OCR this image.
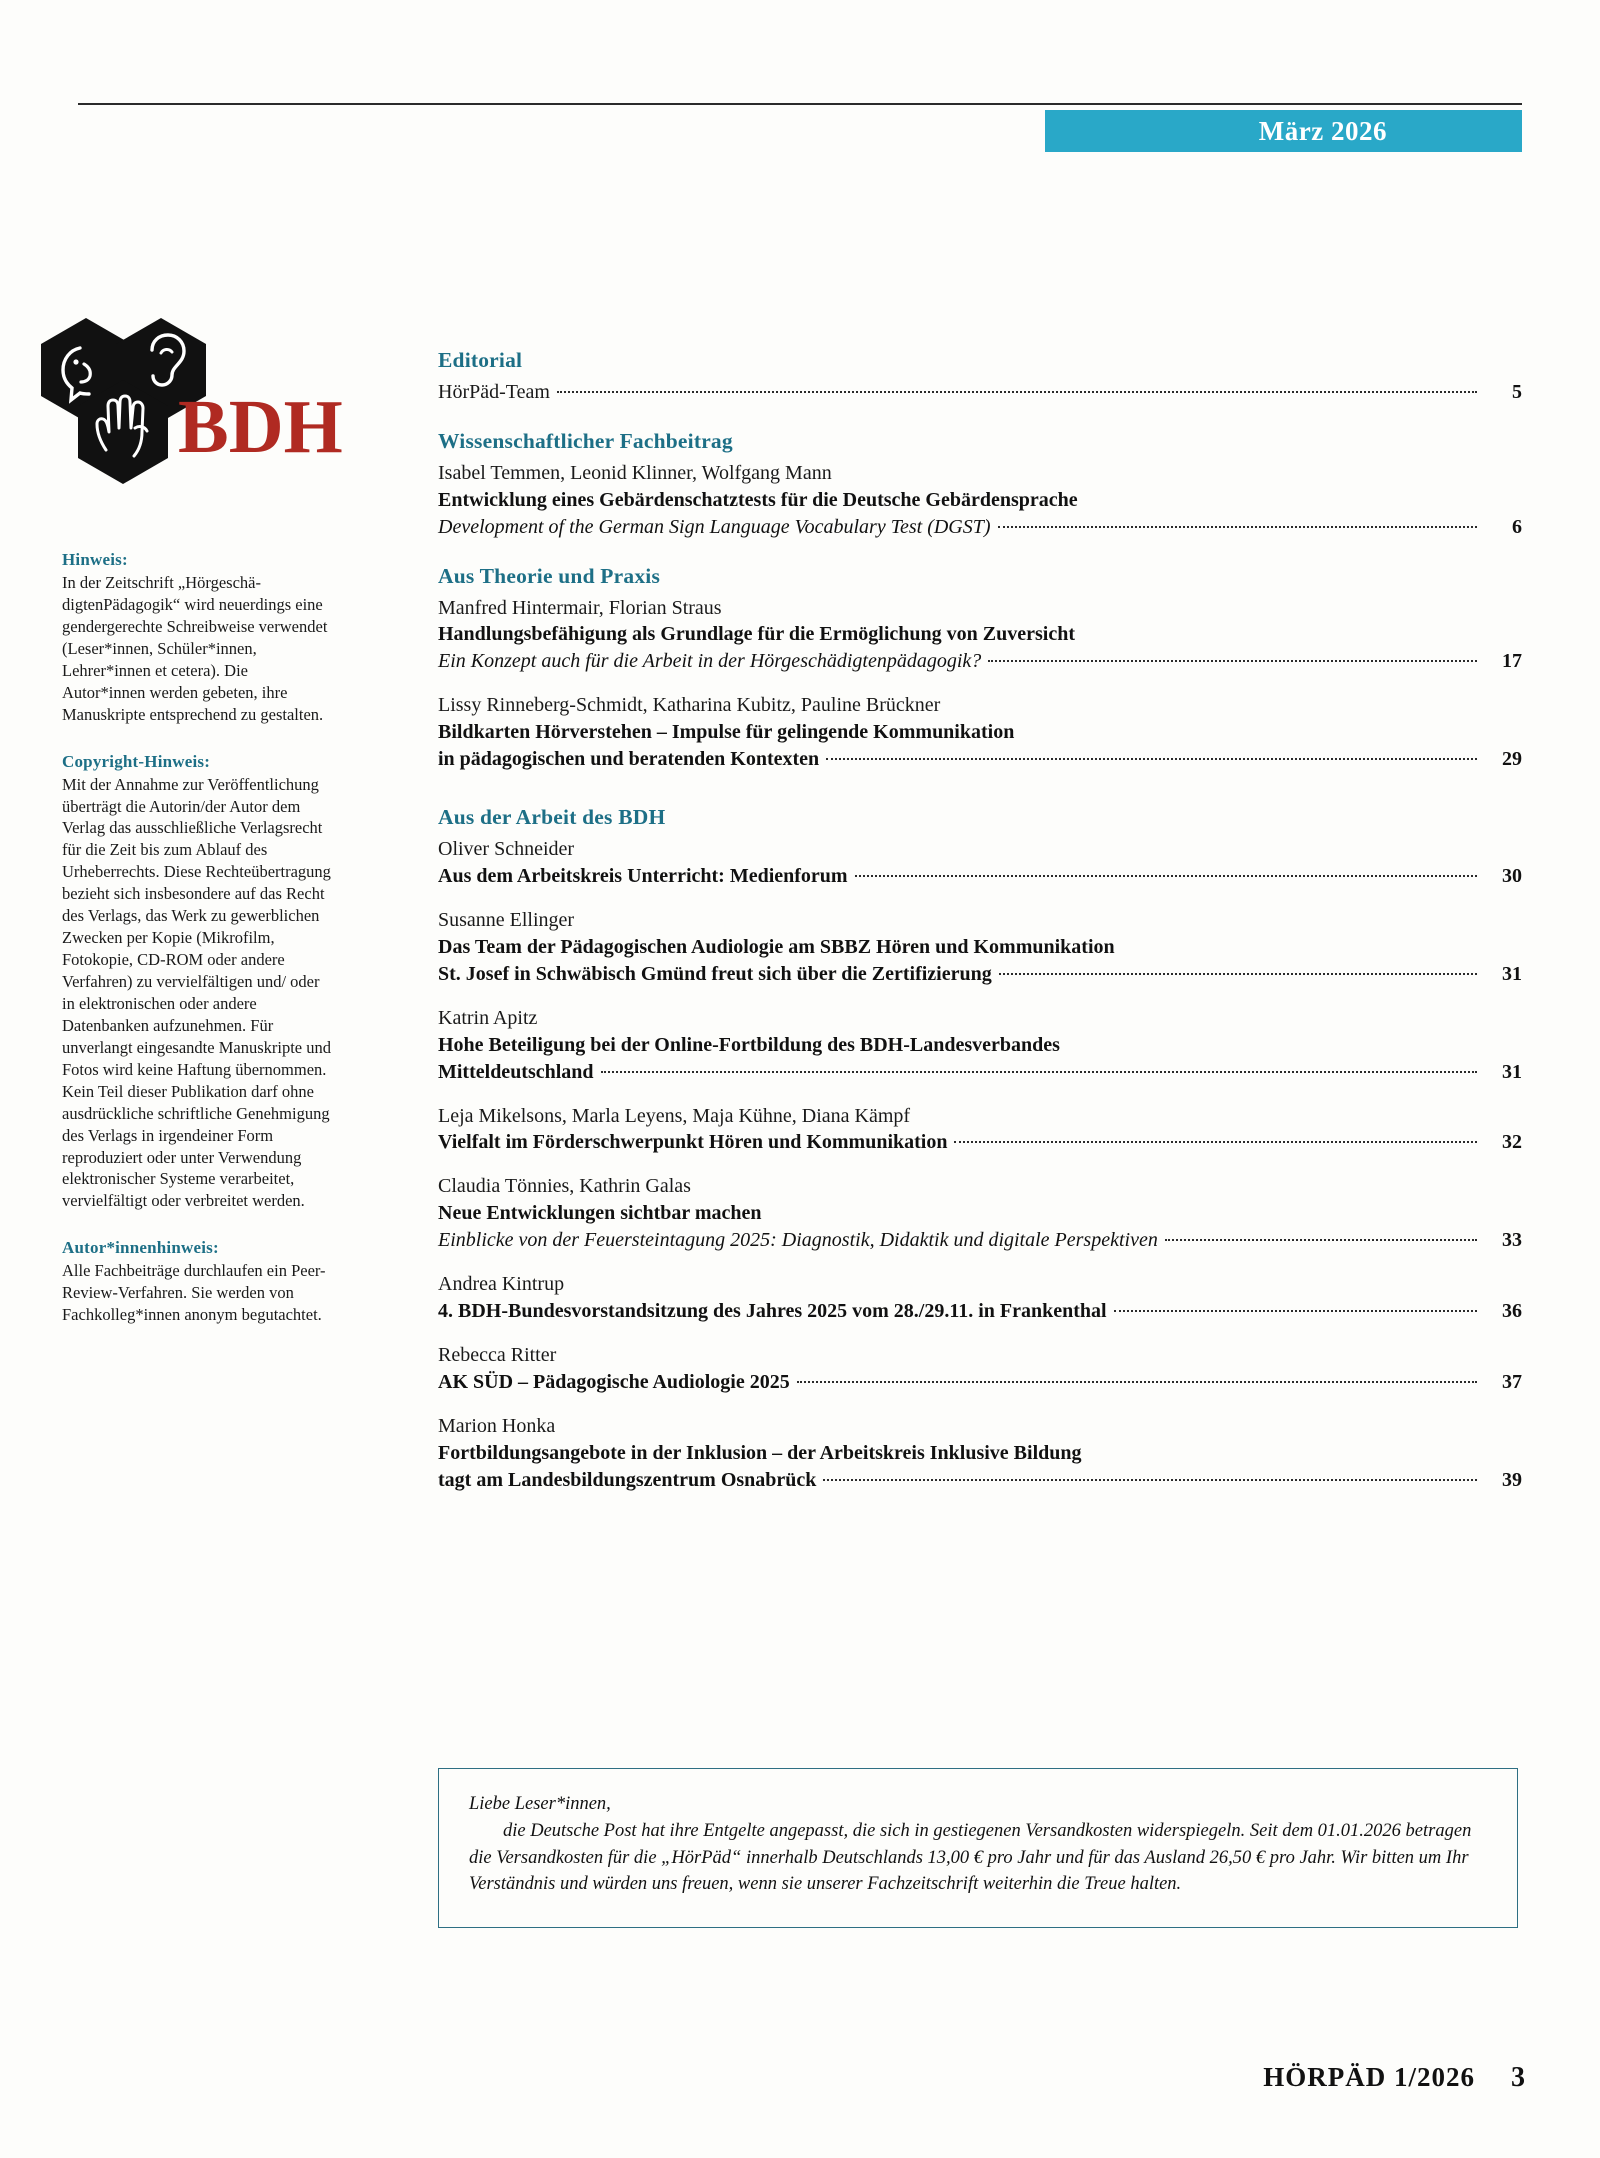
März 2026
BDH
Hinweis:
In der Zeitschrift „HörgeschädigtenPädagogik“ wird neuerdings eine gendergerechte Schreibweise verwendet (Leser*innen, Schüler*innen, Lehrer*innen et cetera). Die Autor*innen werden gebeten, ihre Manuskripte entsprechend zu gestalten.
Copyright-Hinweis:
Mit der Annahme zur Veröffentlichung überträgt die Autorin/der Autor dem Verlag das ausschließliche Verlagsrecht für die Zeit bis zum Ablauf des Urheberrechts. Diese Rechteübertragung bezieht sich insbesondere auf das Recht des Verlags, das Werk zu gewerblichen Zwecken per Kopie (Mikrofilm, Fotokopie, CD-ROM oder andere Verfahren) zu vervielfältigen und/ oder in elektronischen oder andere Datenbanken aufzunehmen. Für unverlangt eingesandte Manuskripte und Fotos wird keine Haftung übernommen. Kein Teil dieser Publikation darf ohne ausdrückliche schriftliche Genehmigung des Verlags in irgendeiner Form reproduziert oder unter Verwendung elektronischer Systeme verarbeitet, vervielfältigt oder verbreitet werden.
Autor*innenhinweis:
Alle Fachbeiträge durchlaufen ein Peer-Review-Verfahren. Sie werden von Fachkolleg*innen anonym begutachtet.
Editorial
HörPäd-Team	5
Wissenschaftlicher Fachbeitrag
Isabel Temmen, Leonid Klinner, Wolfgang Mann
Entwicklung eines Gebärdenschatztests für die Deutsche Gebärdensprache
Development of the German Sign Language Vocabulary Test (DGST)	6
Aus Theorie und Praxis
Manfred Hintermair, Florian Straus
Handlungsbefähigung als Grundlage für die Ermöglichung von Zuversicht
Ein Konzept auch für die Arbeit in der Hörgeschädigtenpädagogik?	17
Lissy Rinneberg-Schmidt, Katharina Kubitz, Pauline Brückner
Bildkarten Hörverstehen – Impulse für gelingende Kommunikation
in pädagogischen und beratenden Kontexten	29
Aus der Arbeit des BDH
Oliver Schneider
Aus dem Arbeitskreis Unterricht: Medienforum	30
Susanne Ellinger
Das Team der Pädagogischen Audiologie am SBBZ Hören und Kommunikation
St. Josef in Schwäbisch Gmünd freut sich über die Zertifizierung	31
Katrin Apitz
Hohe Beteiligung bei der Online-Fortbildung des BDH-Landesverbandes
Mitteldeutschland	31
Leja Mikelsons, Marla Leyens, Maja Kühne, Diana Kämpf
Vielfalt im Förderschwerpunkt Hören und Kommunikation	32
Claudia Tönnies, Kathrin Galas
Neue Entwicklungen sichtbar machen
Einblicke von der Feuersteintagung 2025: Diagnostik, Didaktik und digitale Perspektiven	33
Andrea Kintrup
4. BDH-Bundesvorstandsitzung des Jahres 2025 vom 28./29.11. in Frankenthal	36
Rebecca Ritter
AK SÜD – Pädagogische Audiologie 2025	37
Marion Honka
Fortbildungsangebote in der Inklusion – der Arbeitskreis Inklusive Bildung
tagt am Landesbildungszentrum Osnabrück	39

Liebe Leser*innen,

die Deutsche Post hat ihre Entgelte angepasst, die sich in gestiegenen Versandkosten widerspiegeln. Seit dem 01.01.2026 betragen die Versandkosten für die „HörPäd“ innerhalb Deutschlands 13,00 € pro Jahr und für das Ausland 26,50 € pro Jahr. Wir bitten um Ihr Verständnis und würden uns freuen, wenn sie unserer Fachzeitschrift weiterhin die Treue halten.

HÖRPÄD 1/2026 3
